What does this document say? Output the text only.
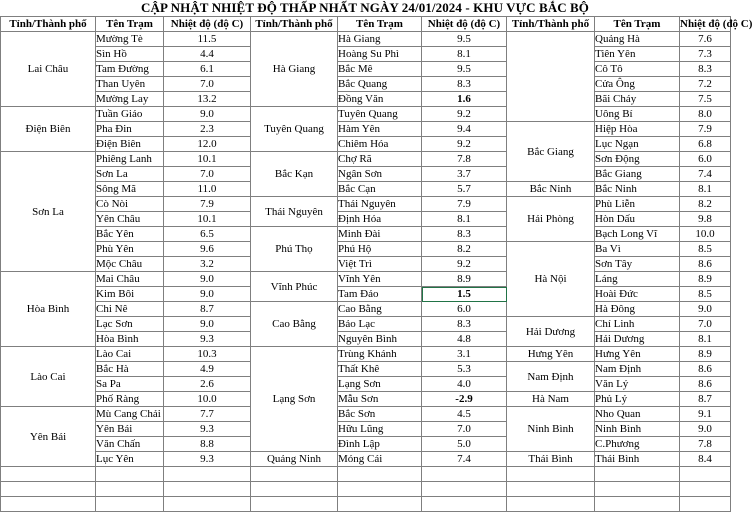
CẬP NHẬT NHIỆT ĐỘ THẤP NHẤT NGÀY 24/01/2024 - KHU VỰC BẮC BỘ
Tỉnh/Thành phố	Tên Trạm	Nhiệt độ (độ C)	Tỉnh/Thành phố	Tên Trạm	Nhiệt độ (độ C)	Tỉnh/Thành phố	Tên Trạm	Nhiệt độ (độ C)
Lai Châu	Mường Tè	11.5	Hà Giang	Hà Giang	9.5		Quảng Hà	7.6
	Sìn Hồ	4.4		Hoàng Su Phì	8.1		Tiên Yên	7.3
	Tam Đường	6.1		Bắc Mê	9.5		Cô Tô	8.3
	Than Uyên	7.0		Bắc Quang	8.3		Cửa Ông	7.2
	Mường Lay	13.2		Đồng Văn	1.6		Bãi Cháy	7.5
Điện Biên	Tuần Giáo	9.0	Tuyên Quang	Tuyên Quang	9.2		Uông Bí	8.0
	Pha Đin	2.3		Hàm Yên	9.4	Bắc Giang	Hiệp Hòa	7.9
	Điện Biên	12.0		Chiêm Hóa	9.2		Lục Ngạn	6.8
Sơn La	Phiêng Lanh	10.1	Bắc Kạn	Chợ Rã	7.8		Sơn Động	6.0
	Sơn La	7.0		Ngân Sơn	3.7		Bắc Giang	7.4
	Sông Mã	11.0		Bắc Cạn	5.7	Bắc Ninh	Bắc Ninh	8.1
	Cò Nòi	7.9	Thái Nguyên	Thái Nguyên	7.9	Hải Phòng	Phù Liễn	8.2
	Yên Châu	10.1		Định Hóa	8.1		Hòn Dấu	9.8
	Bắc Yên	6.5	Phú Thọ	Minh Đài	8.3		Bạch Long Vĩ	10.0
	Phù Yên	9.6		Phú Hộ	8.2	Hà Nội	Ba Vì	8.5
	Mộc Châu	3.2		Việt Trì	9.2		Sơn Tây	8.6
Hòa Bình	Mai Châu	9.0	Vĩnh Phúc	Vĩnh Yên	8.9		Láng	8.9
	Kim Bôi	9.0		Tam Đảo	1.5		Hoài Đức	8.5
	Chi Nê	8.7	Cao Bằng	Cao Bằng	6.0		Hà Đông	9.0
	Lạc Sơn	9.0		Bảo Lạc	8.3	Hải Dương	Chí Linh	7.0
	Hòa Bình	9.3		Nguyên Bình	4.8		Hải Dương	8.1
Lào Cai	Lào Cai	10.3	Lạng Sơn	Trùng Khánh	3.1	Hưng Yên	Hưng Yên	8.9
	Bắc Hà	4.9		Thất Khê	5.3	Nam Định	Nam Định	8.6
	Sa Pa	2.6		Lạng Sơn	4.0		Văn Lý	8.6
	Phố Ràng	10.0		Mẫu Sơn	-2.9	Hà Nam	Phủ Lý	8.7
Yên Bái	Mù Cang Chải	7.7		Bắc Sơn	4.5	Ninh Bình	Nho Quan	9.1
	Yên Bái	9.3		Hữu Lũng	7.0		Ninh Bình	9.0
	Văn Chấn	8.8		Đình Lập	5.0		C.Phương	7.8
	Lục Yên	9.3	Quảng Ninh	Móng Cái	7.4	Thái Bình	Thái Bình	8.4
